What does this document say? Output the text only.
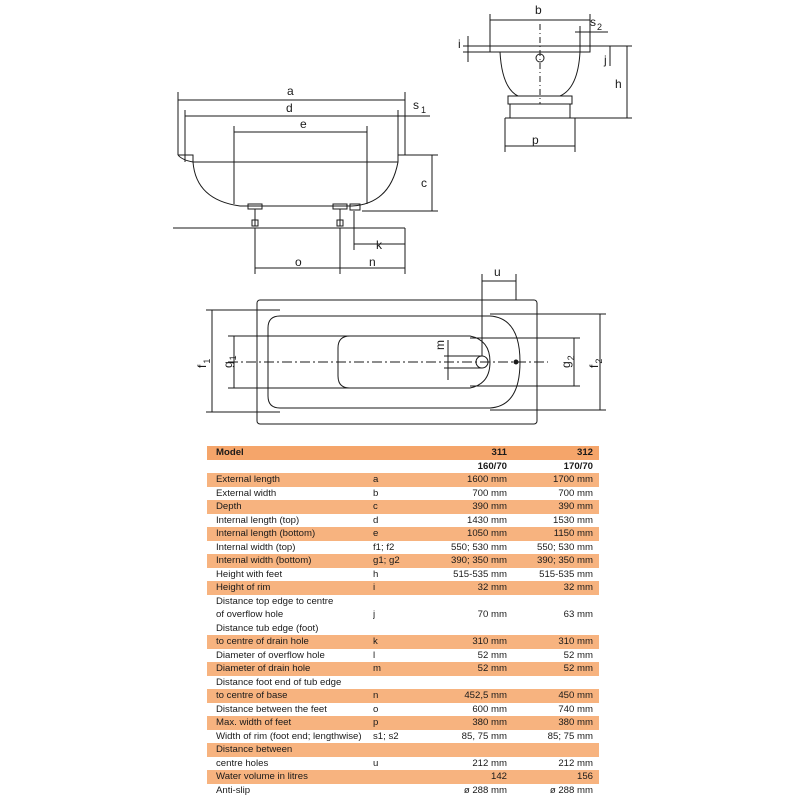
a
d
e
s $_1$
c
k
o	n
b
$s_2$
p
h
i
j
u
$f_1$
$g_1$
m
$g_2$
$f_2$
Model		311	312
		160/70	170/70
External length	a	1600 mm	1700 mm
External width	b	700 mm	700 mm
Depth	c	390 mm	390 mm
Internal length (top)	d	1430 mm	1530 mm
Internal length (bottom)	e	1050 mm	1150 mm
Internal width (top)	f1; f2	550; 530 mm	550; 530 mm
Internal width (bottom)	g1; g2	390; 350 mm	390; 350 mm
Height with feet	h	515-535 mm	515-535 mm
Height of rim	i	32 mm	32 mm
Distance top edge to centre			
of overflow hole	j	70 mm	63 mm
Distance tub edge (foot)			
to centre of drain hole	k	310 mm	310 mm
Diameter of overflow hole	l	52 mm	52 mm
Diameter of drain hole	m	52 mm	52 mm
Distance foot end of tub edge			
to centre of base	n	452,5 mm	450 mm
Distance between the feet	o	600 mm	740 mm
Max. width of feet	p	380 mm	380 mm
Width of rim (foot end; lengthwise)	s1; s2	85, 75 mm	85; 75 mm
Distance between			
centre holes	u	212 mm	212 mm
Water volume in litres		142	156
Anti-slip		ø 288 mm	ø 288 mm
